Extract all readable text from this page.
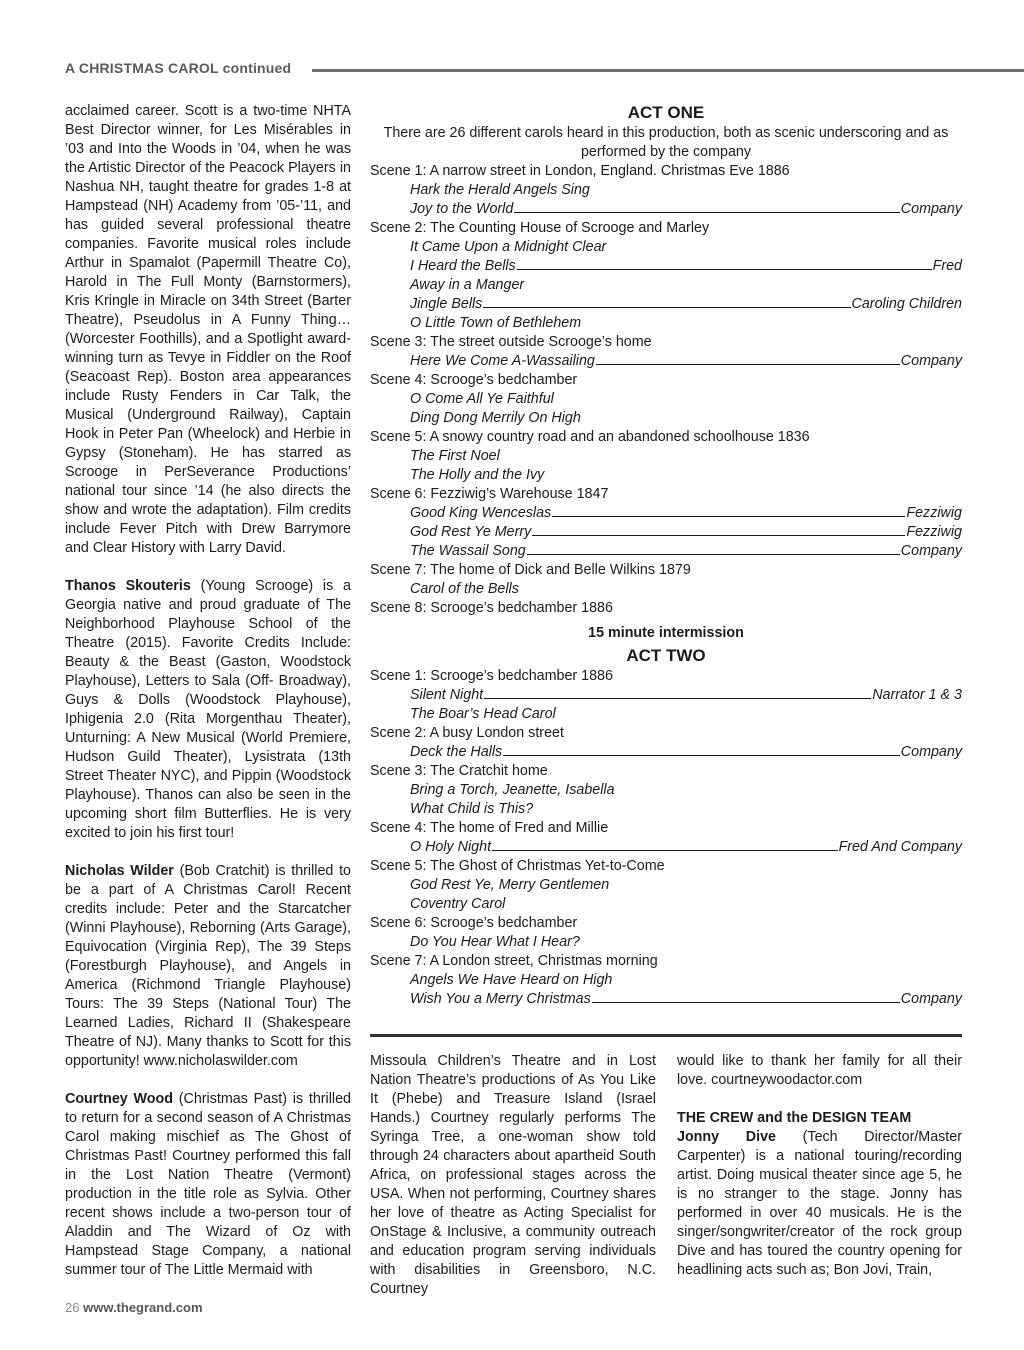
A CHRISTMAS CAROL continued

acclaimed career. Scott is a two-time NHTA Best Director winner, for Les Misérables in ’03 and Into the Woods in ’04, when he was the Artistic Director of the Peacock Players in Nashua NH, taught theatre for grades 1-8 at Hampstead (NH) Academy from ’05-’11, and has guided several professional theatre companies. Favorite musical roles include Arthur in Spamalot (Papermill Theatre Co), Harold in The Full Monty (Barnstormers), Kris Kringle in Miracle on 34th Street (Barter Theatre), Pseudolus in A Funny Thing… (Worcester Foothills), and a Spotlight award-winning turn as Tevye in Fiddler on the Roof (Seacoast Rep). Boston area appearances include Rusty Fenders in Car Talk, the Musical (Underground Railway), Captain Hook in Peter Pan (Wheelock) and Herbie in Gypsy (Stoneham). He has starred as Scrooge in PerSeverance Productions’ national tour since ’14 (he also directs the show and wrote the adaptation). Film credits include Fever Pitch with Drew Barrymore and Clear History with Larry David.

Thanos Skouteris (Young Scrooge) is a Georgia native and proud graduate of The Neighborhood Playhouse School of the Theatre (2015). Favorite Credits Include: Beauty & the Beast (Gaston, Woodstock Playhouse), Letters to Sala (Off- Broadway), Guys & Dolls (Woodstock Playhouse), Iphigenia 2.0 (Rita Morgenthau Theater), Unturning: A New Musical (World Premiere, Hudson Guild Theater), Lysistrata (13th Street Theater NYC), and Pippin (Woodstock Playhouse). Thanos can also be seen in the upcoming short film Butterflies. He is very excited to join his first tour!

Nicholas Wilder (Bob Cratchit) is thrilled to be a part of A Christmas Carol! Recent credits include: Peter and the Starcatcher (Winni Playhouse), Reborning (Arts Garage), Equivocation (Virginia Rep), The 39 Steps (Forestburgh Playhouse), and Angels in America (Richmond Triangle Playhouse) Tours: The 39 Steps (National Tour) The Learned Ladies, Richard II (Shakespeare Theatre of NJ). Many thanks to Scott for this opportunity! www.nicholaswilder.com

Courtney Wood (Christmas Past) is thrilled to return for a second season of A Christmas Carol making mischief as The Ghost of Christmas Past! Courtney performed this fall in the Lost Nation Theatre (Vermont) production in the title role as Sylvia. Other recent shows include a two-person tour of Aladdin and The Wizard of Oz with Hampstead Stage Company, a national summer tour of The Little Mermaid with

ACT ONE
There are 26 different carols heard in this production, both as scenic underscoring and as performed by the company
Scene 1: A narrow street in London, England. Christmas Eve 1886
Hark the Herald Angels Sing
Joy to the World	Company
Scene 2: The Counting House of Scrooge and Marley
It Came Upon a Midnight Clear
I Heard the Bells	Fred
Away in a Manger
Jingle Bells	Caroling Children
O Little Town of Bethlehem
Scene 3: The street outside Scrooge’s home
Here We Come A-Wassailing	Company
Scene 4: Scrooge’s bedchamber
O Come All Ye Faithful
Ding Dong Merrily On High
Scene 5: A snowy country road and an abandoned schoolhouse 1836
The First Noel
The Holly and the Ivy
Scene 6: Fezziwig’s Warehouse 1847
Good King Wenceslas	Fezziwig
God Rest Ye Merry	Fezziwig
The Wassail Song	Company
Scene 7: The home of Dick and Belle Wilkins 1879
Carol of the Bells
Scene 8: Scrooge’s bedchamber 1886
15 minute intermission
ACT TWO
Scene 1: Scrooge’s bedchamber 1886
Silent Night	Narrator 1 & 3
The Boar’s Head Carol
Scene 2: A busy London street
Deck the Halls	Company
Scene 3: The Cratchit home
Bring a Torch, Jeanette, Isabella
What Child is This?
Scene 4: The home of Fred and Millie
O Holy Night	Fred And Company
Scene 5: The Ghost of Christmas Yet-to-Come
God Rest Ye, Merry Gentlemen
Coventry Carol
Scene 6: Scrooge’s bedchamber
Do You Hear What I Hear?
Scene 7: A London street, Christmas morning
Angels We Have Heard on High
Wish You a Merry Christmas	Company

Missoula Children’s Theatre and in Lost Nation Theatre’s productions of As You Like It (Phebe) and Treasure Island (Israel Hands.) Courtney regularly performs The Syringa Tree, a one-woman show told through 24 characters about apartheid South Africa, on professional stages across the USA. When not performing, Courtney shares her love of theatre as Acting Specialist for OnStage & Inclusive, a community outreach and education program serving individuals with disabilities in Greensboro, N.C. Courtney

would like to thank her family for all their love. courtneywoodactor.com

THE CREW and the DESIGN TEAM

Jonny Dive (Tech Director/Master Carpenter) is a national touring/recording artist. Doing musical theater since age 5, he is no stranger to the stage. Jonny has performed in over 40 musicals. He is the singer/songwriter/creator of the rock group Dive and has toured the country opening for headlining acts such as; Bon Jovi, Train,

26 www.thegrand.com
